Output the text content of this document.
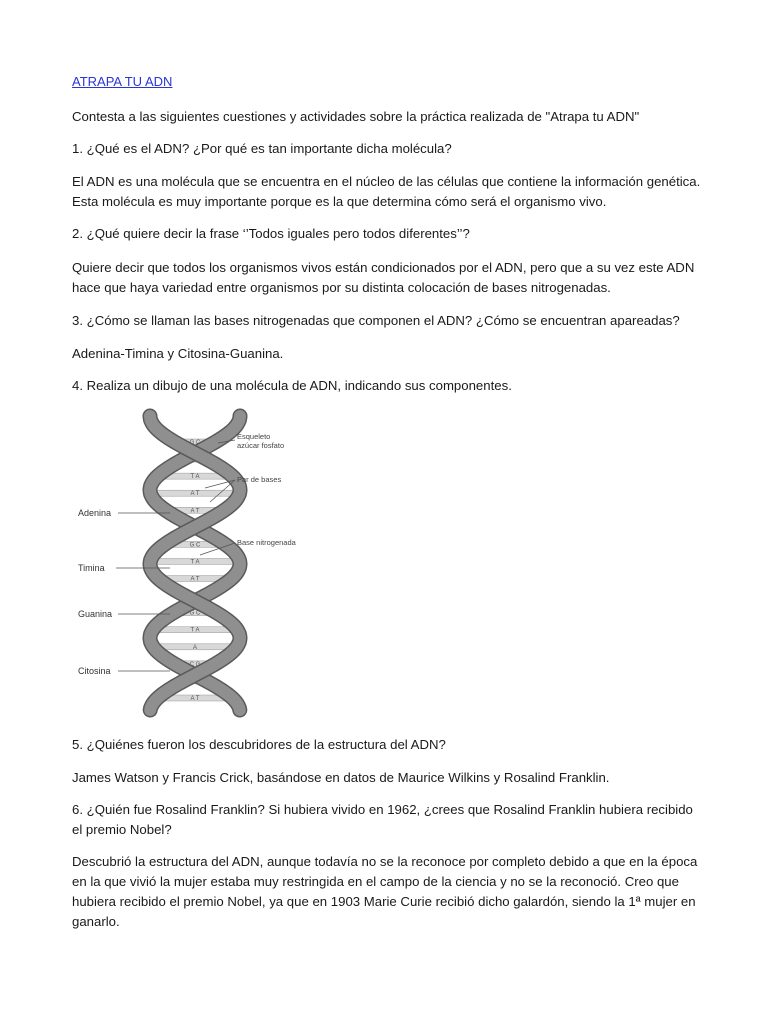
ATRAPA TU ADN

Contesta a las siguientes cuestiones y actividades sobre la práctica realizada de "Atrapa tu ADN"

1. ¿Qué es el ADN? ¿Por qué es tan importante dicha molécula?

El ADN es una molécula que se encuentra en el núcleo de las células que contiene la información genética. Esta molécula es muy importante porque es la que determina cómo será el organismo vivo.

2. ¿Qué quiere decir la frase ‘’Todos iguales pero todos diferentes’’?

Quiere decir que todos los organismos vivos están condicionados por el ADN, pero que a su vez este ADN hace que haya variedad entre organismos por su distinta colocación de bases nitrogenadas.

3. ¿Cómo se llaman las bases nitrogenadas que componen el ADN? ¿Cómo se encuentran apareadas?

Adenina-Timina y Citosina-Guanina.

4. Realiza un dibujo de una molécula de ADN, indicando sus componentes.

G C
C G
T A
A T
A T
G C
T A
A T
A
G C
T A
A
C G
C G
A T
Adenina
Timina
Guanina
Citosina
Esqueleto
azúcar fosfato
Par de bases
Base nitrogenada

5. ¿Quiénes fueron los descubridores de la estructura del ADN?

James Watson y Francis Crick, basándose en datos de Maurice Wilkins y Rosalind Franklin.

6. ¿Quién fue Rosalind Franklin? Si hubiera vivido en 1962, ¿crees que Rosalind Franklin hubiera recibido el premio Nobel?

Descubrió la estructura del ADN, aunque todavía no se la reconoce por completo debido a que en la época en la que vivió la mujer estaba muy restringida en el campo de la ciencia y no se la reconoció. Creo que hubiera recibido el premio Nobel, ya que en 1903 Marie Curie recibió dicho galardón, siendo la 1ª mujer en ganarlo.
